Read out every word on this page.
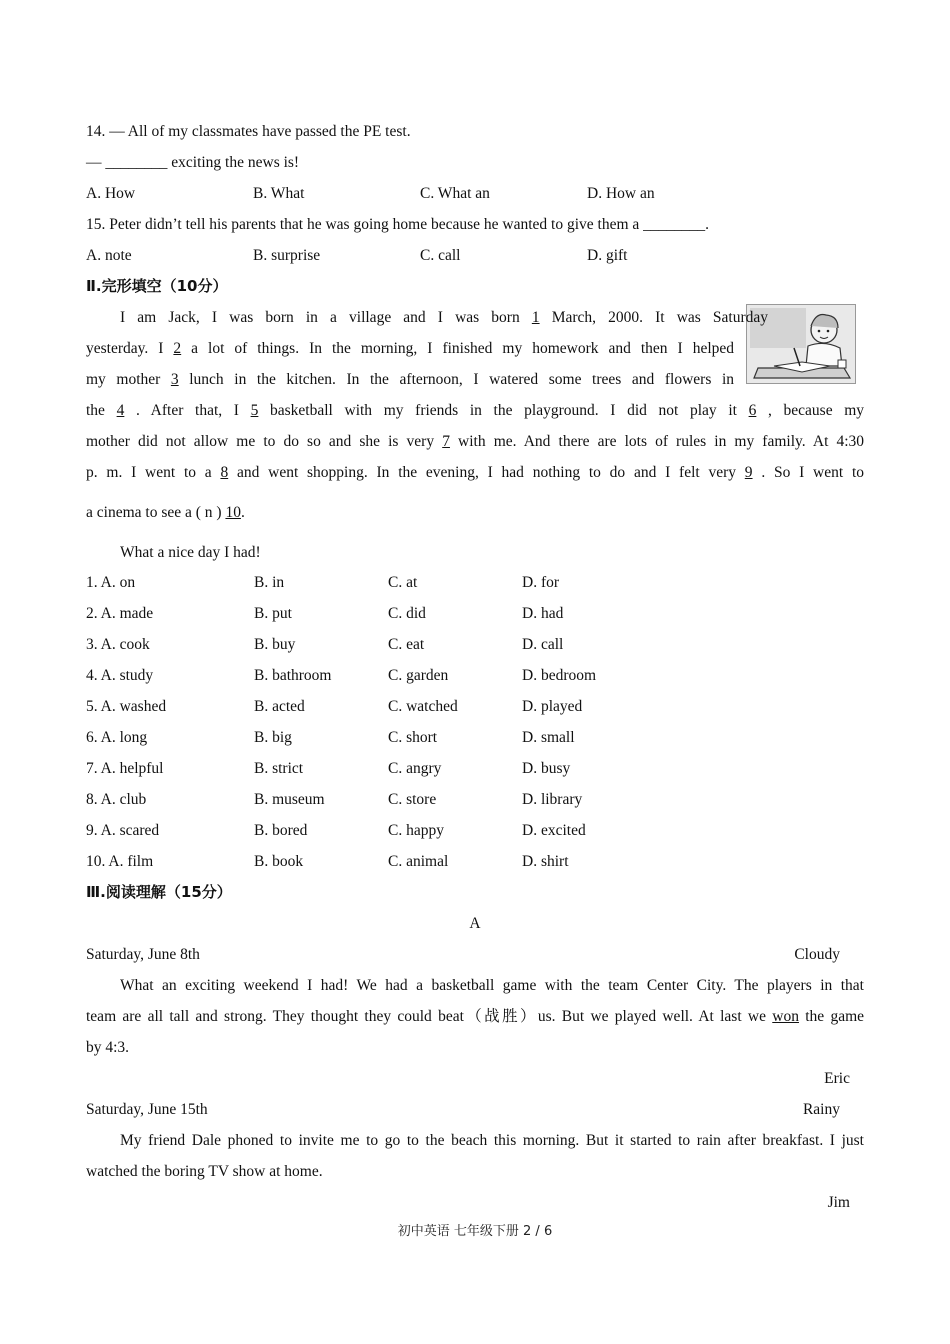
14. — All of my classmates have passed the PE test.
— ________ exciting the news is!
A. How	B. What	C. What an	D. How an
15. Peter didn’t tell his parents that he was going home because he wanted to give them a ________.
A. note	B. surprise	C. call	D. gift
Ⅱ.完形填空（10分）
I am Jack, I was born in a village and I was born 1 March, 2000. It was Saturday
yesterday. I 2 a lot of things. In the morning, I finished my homework and then I helped
my mother 3 lunch in the kitchen. In the afternoon, I watered some trees and flowers in
the 4 . After that, I 5 basketball with my friends in the playground. I did not play it 6 , because my
mother did not allow me to do so and she is very 7 with me. And there are lots of rules in my family. At 4:30
p. m. I went to a 8 and went shopping. In the evening, I had nothing to do and I felt very 9 . So I went to
a cinema to see a ( n ) 10.
What a nice day I had!
1. A. on	B. in	C. at	D. for
2. A. made	B. put	C. did	D. had
3. A. cook	B. buy	C. eat	D. call
4. A. study	B. bathroom	C. garden	D. bedroom
5. A. washed	B. acted	C. watched	D. played
6. A. long	B. big	C. short	D. small
7. A. helpful	B. strict	C. angry	D. busy
8. A. club	B. museum	C. store	D. library
9. A. scared	B. bored	C. happy	D. excited
10. A. film	B. book	C. animal	D. shirt
Ⅲ.阅读理解（15分）
A
Saturday, June 8th	Cloudy
What an exciting weekend I had! We had a basketball game with the team Center City. The players in that
team are all tall and strong. They thought they could beat（战胜）us. But we played well. At last we won the game
by 4:3.
Eric
Saturday, June 15th	Rainy
My friend Dale phoned to invite me to go to the beach this morning. But it started to rain after breakfast. I just
watched the boring TV show at home.
Jim
初中英语 七年级下册 2 / 6
